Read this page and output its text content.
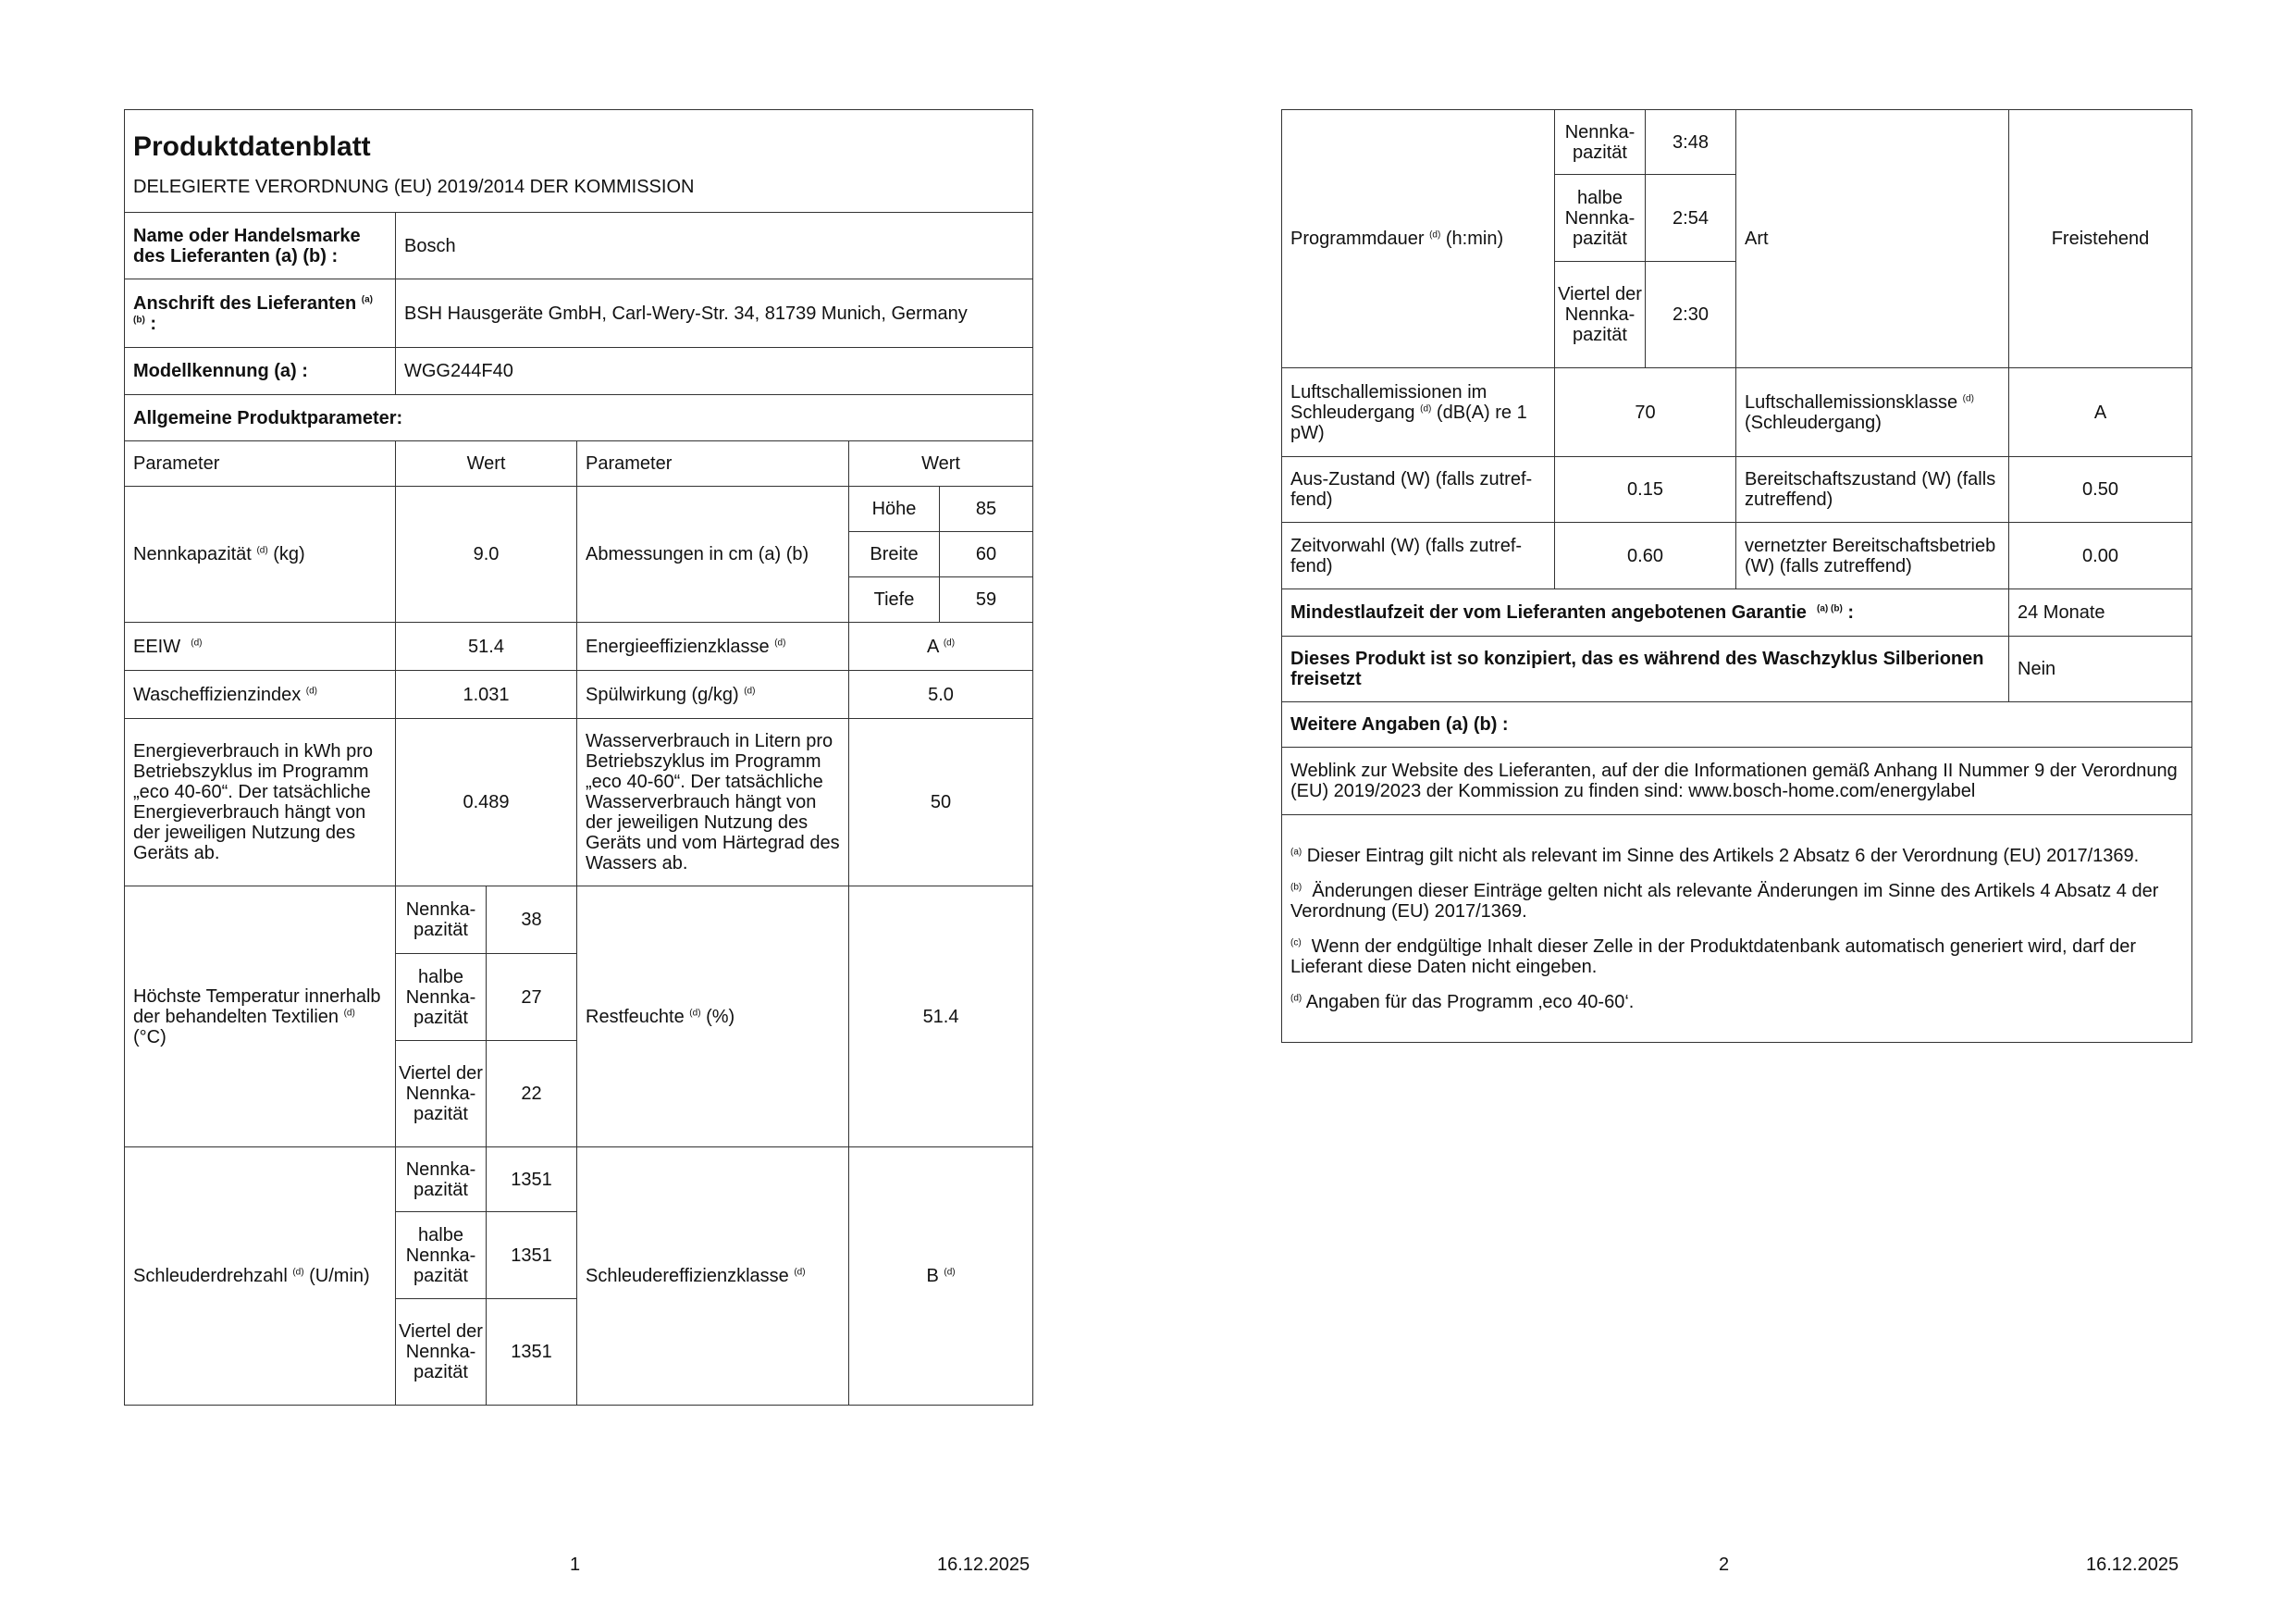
Produktdatenblatt
DELEGIERTE VERORDNUNG (EU) 2019/2014 DER KOMMISSION					

Name oder Handelsmarke des Lieferanten (a) (b) :	Bosch				
Anschrift des Lieferanten $^{(a)}$
$^{(b)}$ :	BSH Hausgeräte GmbH, Carl-Wery-Str. 34, 81739 Munich, Germany				
Modellkennung (a) :	WGG244F40				
Allgemeine Produktparameter:					
Parameter	Wert		Parameter	Wert	
Nennkapazität $^{(d)}$ (kg)	9.0		Abmessungen in cm (a) (b)	Höhe	85
				Breite	60
				Tiefe	59
EEIW $^{(d)}$	51.4		Energieeffizienzklasse $^{(d)}$	A $^{(d)}$
Wascheffizienzindex $^{(d)}$	1.031		Spülwirkung (g/kg) $^{(d)}$	5.0	
Energieverbrauch in kWh pro Betriebszyklus im Programm „eco 40-60“. Der tatsächliche Energieverbrauch hängt von der jeweiligen Nutzung des Geräts ab.	0.489		Wasserverbrauch in Litern pro Betriebszyklus im Programm „eco 40-60“. Der tatsächliche Wasserverbrauch hängt von der jeweiligen Nutzung des Geräts und vom Härtegrad des Wassers ab.	50	
Höchste Temperatur innerhalb der behandelten Textilien $^{(d)}$
(°C)	Nennka-pazität	38	Restfeuchte $^{(d)}$ (%)	51.4	
	halbe Nennka-pazität	27			
	Viertel der Nennka-pazität	22			
Schleuderdrehzahl $^{(d)}$ (U/min)	Nennka-pazität	1351	Schleudereffizienzklasse $^{(d)}$	B $^{(d)}$
	halbe Nennka-pazität	1351			
	Viertel der Nennka-pazität	1351			
1	16.12.2025
Programmdauer $^{(d)}$ (h:min)	Nennka-pazität	3:48	Art	Freistehend
	halbe Nennka-pazität	2:54		
	Viertel der Nennka-pazität	2:30		
Luftschallemissionen im Schleudergang $^{(d)}$ (dB(A) re 1 pW)	70		Luftschallemissionsklasse $^{(d)}$
(Schleudergang)	A
Aus-Zustand (W) (falls zutref-fend)	0.15		Bereitschaftszustand (W) (falls zutreffend)	0.50
Zeitvorwahl (W) (falls zutref-fend)	0.60		vernetzter Bereitschaftsbetrieb (W) (falls zutreffend)	0.00
Mindestlaufzeit der vom Lieferanten angebotenen Garantie $^{(a) (b)}$ :				24 Monate
Dieses Produkt ist so konzipiert, das es während des Waschzyklus Silberionen freisetzt				Nein
Weitere Angaben (a) (b) :				
Weblink zur Website des Lieferanten, auf der die Informationen gemäß Anhang II Nummer 9 der Verordnung (EU) 2019/2023 der Kommission zu finden sind: www.bosch-home.com/energylabel				

$^{(a)}$ Dieser Eintrag gilt nicht als relevant im Sinne des Artikels 2 Absatz 6 der Verordnung (EU) 2017/1369.
$^{(b)}$ Änderungen dieser Einträge gelten nicht als relevante Änderungen im Sinne des Artikels 4 Absatz 4 der Verordnung (EU) 2017/1369.
$^{(c)}$ Wenn der endgültige Inhalt dieser Zelle in der Produktdatenbank automatisch generiert wird, darf der Lieferant diese Daten nicht eingeben.
$^{(d)}$ Angaben für das Programm ‚eco 40-60‘.				
2	16.12.2025
